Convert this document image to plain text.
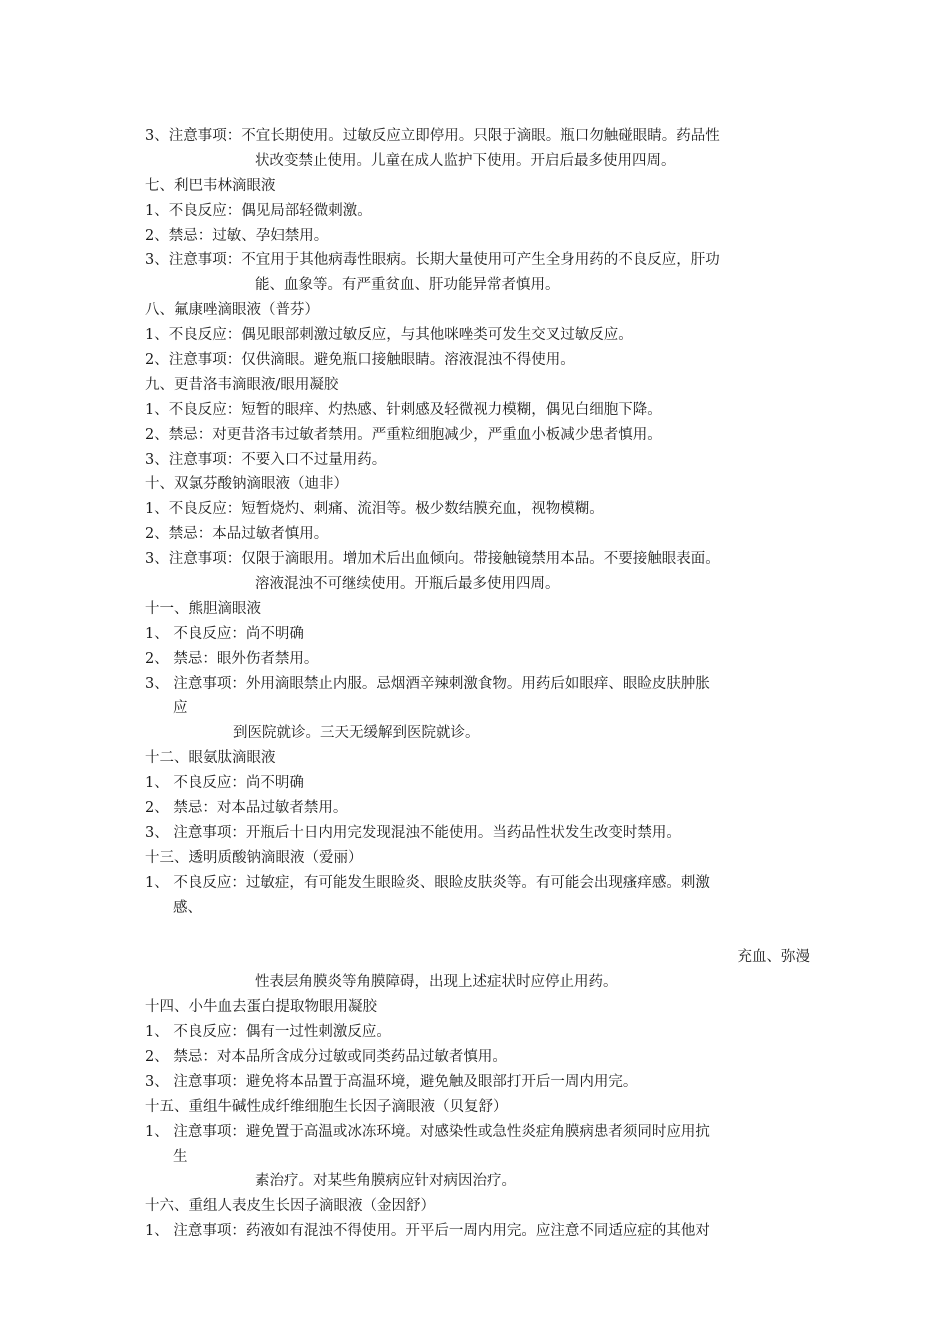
3、注意事项：不宜长期使用。过敏反应立即停用。只限于滴眼。瓶口勿触碰眼睛。药品性
状改变禁止使用。儿童在成人监护下使用。开启后最多使用四周。
七、利巴韦林滴眼液
1、不良反应：偶见局部轻微刺激。
2、禁忌：过敏、孕妇禁用。
3、注意事项：不宜用于其他病毒性眼病。长期大量使用可产生全身用药的不良反应，肝功
能、血象等。有严重贫血、肝功能异常者慎用。
八、氟康唑滴眼液（普芬）
1、不良反应：偶见眼部刺激过敏反应，与其他咪唑类可发生交叉过敏反应。
2、注意事项：仅供滴眼。避免瓶口接触眼睛。溶液混浊不得使用。
九、更昔洛韦滴眼液/眼用凝胶
1、不良反应：短暂的眼痒、灼热感、针刺感及轻微视力模糊，偶见白细胞下降。
2、禁忌：对更昔洛韦过敏者禁用。严重粒细胞减少，严重血小板减少患者慎用。
3、注意事项：不要入口不过量用药。
十、双氯芬酸钠滴眼液（迪非）
1、不良反应：短暂烧灼、刺痛、流泪等。极少数结膜充血，视物模糊。
2、禁忌：本品过敏者慎用。
3、注意事项：仅限于滴眼用。增加术后出血倾向。带接触镜禁用本品。不要接触眼表面。
溶液混浊不可继续使用。开瓶后最多使用四周。
十一、熊胆滴眼液
1、 不良反应：尚不明确
2、 禁忌：眼外伤者禁用。
3、 注意事项：外用滴眼禁止内服。忌烟酒辛辣刺激食物。用药后如眼痒、眼睑皮肤肿胀
应
到医院就诊。三天无缓解到医院就诊。
十二、眼氨肽滴眼液
1、 不良反应：尚不明确
2、 禁忌：对本品过敏者禁用。
3、 注意事项：开瓶后十日内用完发现混浊不能使用。当药品性状发生改变时禁用。
十三、透明质酸钠滴眼液（爱丽）
1、 不良反应：过敏症，有可能发生眼睑炎、眼睑皮肤炎等。有可能会出现瘙痒感。刺激
感、
充血、弥漫
性表层角膜炎等角膜障碍，出现上述症状时应停止用药。
十四、小牛血去蛋白提取物眼用凝胶
1、 不良反应：偶有一过性刺激反应。
2、 禁忌：对本品所含成分过敏或同类药品过敏者慎用。
3、 注意事项：避免将本品置于高温环境，避免触及眼部打开后一周内用完。
十五、重组牛碱性成纤维细胞生长因子滴眼液（贝复舒）
1、 注意事项：避免置于高温或冰冻环境。对感染性或急性炎症角膜病患者须同时应用抗
生
素治疗。对某些角膜病应针对病因治疗。
十六、重组人表皮生长因子滴眼液（金因舒）
1、 注意事项：药液如有混浊不得使用。开平后一周内用完。应注意不同适应症的其他对
